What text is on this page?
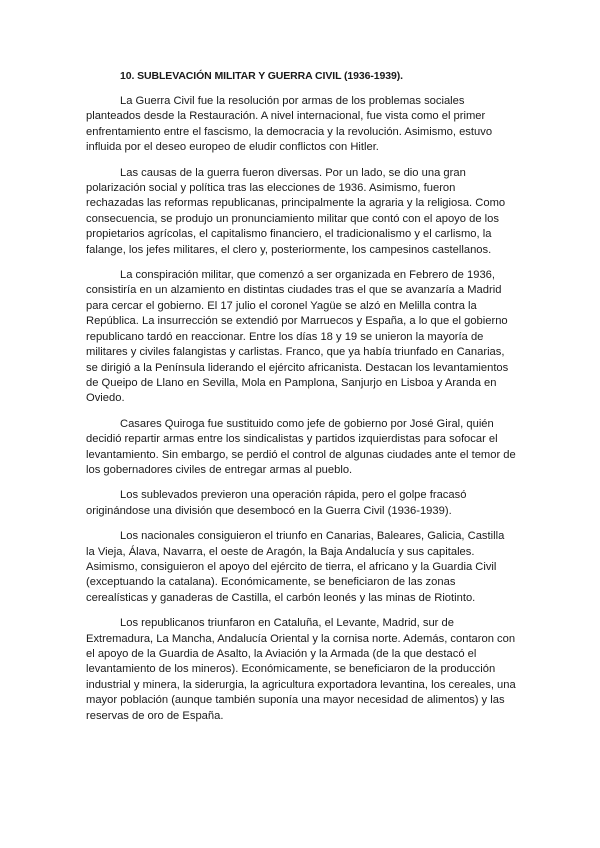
10. SUBLEVACIÓN MILITAR Y GUERRA CIVIL (1936-1939).

La Guerra Civil fue la resolución por armas de los problemas sociales planteados desde la Restauración. A nivel internacional, fue vista como el primer enfrentamiento entre el fascismo, la democracia y la revolución. Asimismo, estuvo influida por el deseo europeo de eludir conflictos con Hitler.

Las causas de la guerra fueron diversas. Por un lado, se dio una gran polarización social y política tras las elecciones de 1936. Asimismo, fueron rechazadas las reformas republicanas, principalmente la agraria y la religiosa. Como consecuencia, se produjo un pronunciamiento militar que contó con el apoyo de los propietarios agrícolas, el capitalismo financiero, el tradicionalismo y el carlismo, la falange, los jefes militares, el clero y, posteriormente, los campesinos castellanos.

La conspiración militar, que comenzó a ser organizada en Febrero de 1936, consistiría en un alzamiento en distintas ciudades tras el que se avanzaría a Madrid para cercar el gobierno. El 17 julio el coronel Yagüe se alzó en Melilla contra la República. La insurrección se extendió por Marruecos y España, a lo que el gobierno republicano tardó en reaccionar. Entre los días 18 y 19 se unieron la mayoría de militares y civiles falangistas y carlistas. Franco, que ya había triunfado en Canarias, se dirigió a la Península liderando el ejército africanista. Destacan los levantamientos de Queipo de Llano en Sevilla, Mola en Pamplona, Sanjurjo en Lisboa y Aranda en Oviedo.

Casares Quiroga fue sustituido como jefe de gobierno por José Giral, quién decidió repartir armas entre los sindicalistas y partidos izquierdistas para sofocar el levantamiento. Sin embargo, se perdió el control de algunas ciudades ante el temor de los gobernadores civiles de entregar armas al pueblo.

Los sublevados previeron una operación rápida, pero el golpe fracasó originándose una división que desembocó en la Guerra Civil (1936-1939).

Los nacionales consiguieron el triunfo en Canarias, Baleares, Galicia, Castilla la Vieja, Álava, Navarra, el oeste de Aragón, la Baja Andalucía y sus capitales. Asimismo, consiguieron el apoyo del ejército de tierra, el africano y la Guardia Civil (exceptuando la catalana). Económicamente, se beneficiaron de las zonas cerealísticas y ganaderas de Castilla, el carbón leonés y las minas de Riotinto.

Los republicanos triunfaron en Cataluña, el Levante, Madrid, sur de Extremadura, La Mancha, Andalucía Oriental y la cornisa norte. Además, contaron con el apoyo de la Guardia de Asalto, la Aviación y la Armada (de la que destacó el levantamiento de los mineros). Económicamente, se beneficiaron de la producción industrial y minera, la siderurgia, la agricultura exportadora levantina, los cereales, una mayor población (aunque también suponía una mayor necesidad de alimentos) y las reservas de oro de España.
